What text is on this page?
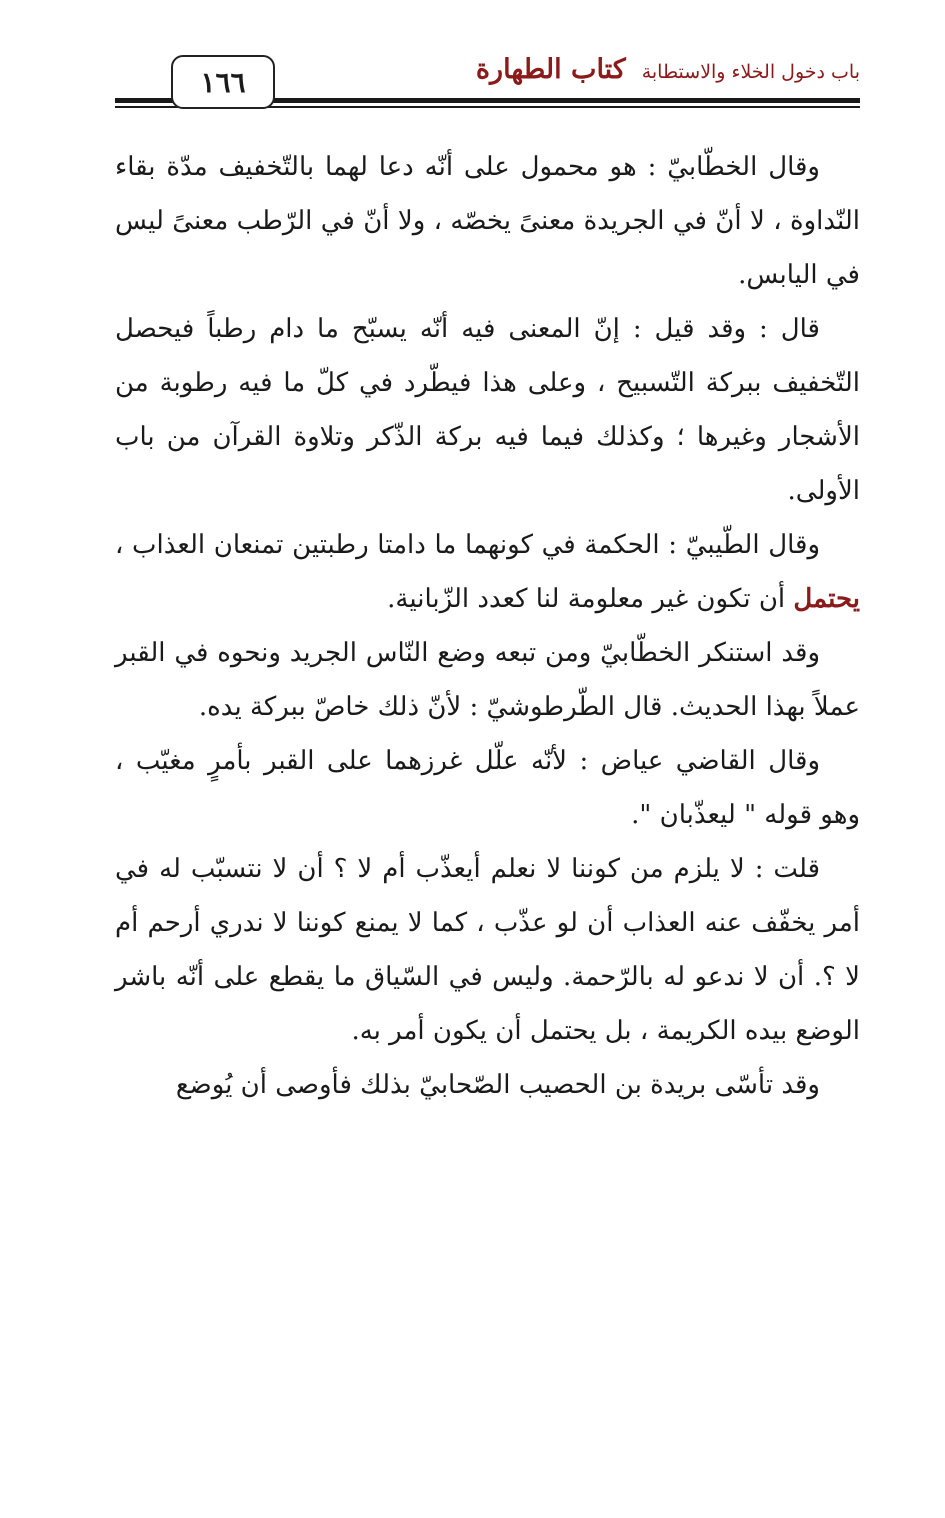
١٦٦	كتاب الطهارة باب دخول الخلاء والاستطابة

وقال الخطّابيّ : هو محمول على أنّه دعا لهما بالتّخفيف مدّة بقاء النّداوة ، لا أنّ في الجريدة معنىً يخصّه ، ولا أنّ في الرّطب معنىً ليس في اليابس.

قال : وقد قيل : إنّ المعنى فيه أنّه يسبّح ما دام رطباً فيحصل التّخفيف ببركة التّسبيح ، وعلى هذا فيطّرد في كلّ ما فيه رطوبة من الأشجار وغيرها ؛ وكذلك فيما فيه بركة الذّكر وتلاوة القرآن من باب الأولى.

وقال الطّيبيّ : الحكمة في كونهما ما دامتا رطبتين تمنعان العذاب ، يحتمل أن تكون غير معلومة لنا كعدد الزّبانية.

وقد استنكر الخطّابيّ ومن تبعه وضع النّاس الجريد ونحوه في القبر عملاً بهذا الحديث. قال الطّرطوشيّ : لأنّ ذلك خاصّ ببركة يده.

وقال القاضي عياض : لأنّه علّل غرزهما على القبر بأمرٍ مغيّب ، وهو قوله " ليعذّبان ".

قلت : لا يلزم من كوننا لا نعلم أيعذّب أم لا ؟ أن لا نتسبّب له في أمر يخفّف عنه العذاب أن لو عذّب ، كما لا يمنع كوننا لا ندري أرحم أم لا ؟. أن لا ندعو له بالرّحمة. وليس في السّياق ما يقطع على أنّه باشر الوضع بيده الكريمة ، بل يحتمل أن يكون أمر به.

وقد تأسّى بريدة بن الحصيب الصّحابيّ بذلك فأوصى أن يُوضع
